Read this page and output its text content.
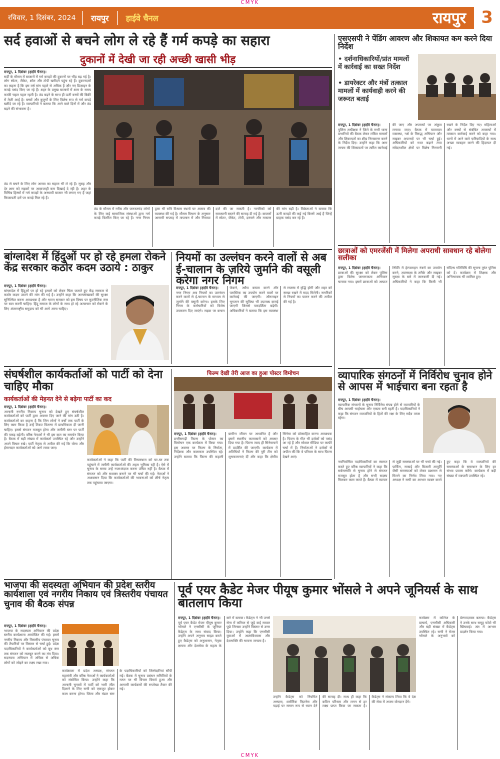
CMYK
रविवार, 1 दिसंबर, 2024	रायपुर	हाईवे चैनल	रायपुर 3
सर्द हवाओं से बचने लोग ले रहे हैं गर्म कपड़े का सहारा
दुकानों में देखी जा रही अच्छी खासी भीड़
रायपुर, 1 दिसंबर (हाईवे चैनल)।
सर्दी के मौसम में बाजारों में गर्म कपड़ों की दुकानों पर भीड़ बढ़ गई है। लोग स्वेटर, जैकेट, शॉल और टोपी खरीदने पहुंच रहे हैं। दुकानदारों का कहना है कि इस वर्ष मांग पहले से अधिक है और नए डिजाइन के कपड़े पसंद किए जा रहे हैं। शहर के प्रमुख बाजारों में शाम के समय काफी चहल पहल रहती है। ठंड बढ़ने के साथ ही ऊनी वस्त्रों की बिक्री में तेजी आई है। बच्चों और बुजुर्गों के लिए विशेष रूप से गर्म कपड़े खरीदे जा रहे हैं। व्यापारियों ने बताया कि आने वाले दिनों में और ठंड बढ़ने की संभावना है।
ठंड के मौसम में गरीब और जरूरतमंद लोगों के लिए कई सामाजिक संस्थाओं द्वारा गर्म कपड़े वितरित किए जा रहे हैं। नगर निगम द्वारा भी रात्रि विश्राम स्थलों पर अलाव की व्यवस्था की गई है। मौसम विभाग के अनुसार आगामी सप्ताह में तापमान में और गिरावट दर्ज की जा सकती है। नागरिकों को सावधानी बरतने की सलाह दी गई है। बाजारों में स्वेटर, जैकेट, टोपी, दस्ताने और मफलर की मांग बढ़ी है। विक्रेताओं ने बताया कि ऊनी कपड़ों की कई नई किस्में आई हैं जिन्हें ग्राहक पसंद कर रहे हैं।
ठंड से बचने के लिए लोग अलाव का सहारा भी ले रहे हैं। सुबह और देर शाम को सड़कों पर आवाजाही कम दिखाई दे रही है। शहर के विभिन्न हिस्सों में गर्म कपड़ों के अस्थायी बाजार भी लगाए गए हैं जहां किफायती दरों पर कपड़े मिल रहे हैं।
बांग्लादेश में हिंदुओं पर हो रहे हमला रोकने केंद्र सरकार कठोर कदम उठाये : ठाकुर
रायपुर, 1 दिसंबर (हाईवे चैनल)।
बांग्लादेश में हिंदुओं पर हो रहे हमलों को लेकर चिंता जताते हुए केंद्र सरकार से कठोर कदम उठाने की मांग की गई है। उन्होंने कहा कि अल्पसंख्यकों की सुरक्षा सुनिश्चित करना आवश्यक है और भारत सरकार को इस विषय पर कूटनीतिक स्तर पर बात करनी चाहिए। हिंदू समाज के लोगों के साथ हो रहे अत्याचार को रोकने के लिए अंतरराष्ट्रीय समुदाय को भी आगे आना चाहिए।
नियमों का उल्लंघन करने वालों से अब ई-चालान के ज़रिये जुर्माने की वसूली करेगा नगर निगम
रायपुर, 1 दिसंबर (हाईवे चैनल)।
नगर निगम अब नियमों का उल्लंघन करने वालों से ई-चालान के माध्यम से जुर्माने की वसूली करेगा। इसके लिए निगम के कर्मचारियों को विशेष उपकरण दिए जाएंगे। सड़क पर कचरा फेंकने, अवैध कब्जा करने और प्लास्टिक का उपयोग करने वालों पर कार्रवाई की जाएगी। ऑनलाइन भुगतान की सुविधा भी उपलब्ध कराई जाएगी जिससे पारदर्शिता बढ़ेगी। अधिकारियों ने बताया कि इस व्यवस्था से राजस्व में वृद्धि होगी और शहर को स्वच्छ रखने में मदद मिलेगी। नागरिकों से नियमों का पालन करने की अपील की गई है।
संघर्षशील कार्यकर्ताओं को पार्टी को देना चाहिए मौका
कार्यकर्ताओं की मेहनत देने से बढ़ेगा पार्टी का कद
रायपुर, 1 दिसंबर (हाईवे चैनल)।
आगामी नगरीय निकाय चुनाव को देखते हुए संघर्षशील कार्यकर्ताओं को पार्टी द्वारा अवसर दिए जाने की मांग उठी है। कार्यकर्ताओं का कहना है कि जिन लोगों ने वर्षों तक पार्टी के लिए काम किया है उन्हें टिकट वितरण में प्राथमिकता दी जानी चाहिए। इससे संगठन मजबूत होगा और जमीनी स्तर पर पार्टी की पकड़ बढ़ेगी। वरिष्ठ नेताओं ने भी इस बात का समर्थन किया है। बैठक में बड़ी संख्या में कार्यकर्ता उपस्थित रहे और उन्होंने अपने विचार रखे। पार्टी नेतृत्व से अपील की गई कि योग्य और ईमानदार कार्यकर्ताओं को आगे लाया जाए।
कार्यकर्ताओं ने कहा कि पार्टी की विचारधारा को घर-घर तक पहुंचाने में जमीनी कार्यकर्ताओं की अहम भूमिका रही है। ऐसे में चुनाव के समय उन्हें नजरअंदाज करना उचित नहीं है। बैठक में संगठन को और सशक्त बनाने पर भी चर्चा की गई। नेताओं ने आश्वासन दिया कि कार्यकर्ताओं की भावनाओं को शीर्ष नेतृत्व तक पहुंचाया जाएगा।
फिल्म देखी तेरी आज का हुआ पोस्टर विमोचन
रायपुर, 1 दिसंबर (हाईवे चैनल)।
छत्तीसगढ़ी फिल्म के पोस्टर का विमोचन एक कार्यक्रम में किया गया। इस अवसर पर फिल्म के निर्माता, निर्देशक और कलाकार उपस्थित रहे। उन्होंने बताया कि फिल्म की कहानी ग्रामीण जीवन पर आधारित है और इसमें स्थानीय कलाकारों को अवसर दिया गया है। फिल्म जल्द ही सिनेमाघरों में प्रदर्शित की जाएगी। कार्यक्रम में अतिथियों ने फिल्म की पूरी टीम को शुभकामनाएं दीं और कहा कि क्षेत्रीय सिनेमा को प्रोत्साहित करना आवश्यक है। फिल्म के गीत भी दर्शकों को पसंद आ रहे हैं और सोशल मीडिया पर काफी चर्चा में हैं। निर्माताओं ने दर्शकों से अपील की कि वे परिवार के साथ फिल्म देखने आएं।
एसएसपी ने पेंडिंग आवरण और शिकायत कम करने दिया निर्देश
• दर्शनाधिकारियों/प्रांत मामलों में कार्रवाई का सख्त निर्देश
• डायरेक्टर और मंत्रों तत्काल मामलों में कार्यवाही करने की जरूरत बताई
रायपुर, 1 दिसंबर (हाईवे चैनल)।
पुलिस अधीक्षक ने जिले के सभी थाना प्रभारियों की बैठक लेकर लंबित मामलों और शिकायतों का शीघ्र निराकरण करने के निर्देश दिए। उन्होंने कहा कि आम जनता की शिकायतों पर त्वरित कार्रवाई की जाए और अपराधों पर अंकुश लगाया जाए। बैठक में यातायात व्यवस्था, नशे के विरुद्ध अभियान और साइबर अपराधों पर भी चर्चा हुई। अधिकारियों को गश्त बढ़ाने तथा संवेदनशील क्षेत्रों पर विशेष निगरानी रखने के निर्देश दिए गए। महिलाओं और बच्चों से संबंधित अपराधों में तत्काल कार्रवाई करने को कहा गया। थानों में आने वाले फरियादियों के साथ अच्छा व्यवहार करने की हिदायत दी गई।
छात्राओं को एमरजेंसी में मिलेगा अपराधी सावधान रहे बोलेगा सलीका
रायपुर, 1 दिसंबर (हाईवे चैनल)।
छात्राओं की सुरक्षा को लेकर पुलिस द्वारा विशेष जागरूकता अभियान चलाया गया। इसमें छात्राओं को आपात स्थिति में हेल्पलाइन नंबरों का उपयोग करने, आत्मरक्षा के तरीके और साइबर सुरक्षा के बारे में जानकारी दी गई। अधिकारियों ने कहा कि किसी भी संदिग्ध गतिविधि की सूचना तुरंत पुलिस को दें। कार्यक्रम में शिक्षक और अभिभावक भी शामिल हुए।
व्यापारिक संगठनों में निर्विरोध चुनाव होने से आपस में भाईचारा बना रहता है
रायपुर, 1 दिसंबर (हाईवे चैनल)।
व्यापारिक संगठनों के चुनाव निर्विरोध संपन्न होने से व्यापारियों के बीच आपसी भाईचारा और एकता बनी रहती है। पदाधिकारियों ने कहा कि संगठन व्यापारियों के हितों की रक्षा के लिए सदैव तत्पर रहेगा।
नवनिर्वाचित पदाधिकारियों का स्वागत करते हुए वरिष्ठ व्यापारियों ने कहा कि सर्वसम्मति से चुनाव होने से संगठन मजबूत होता है और सभी सदस्य मिलकर काम करते हैं। बैठक में व्यापार से जुड़ी समस्याओं पर भी चर्चा की गई। पार्किंग, सफाई और बिजली आपूर्ति जैसी समस्याओं को लेकर प्रशासन से मिलने का निर्णय लिया गया। नए अध्यक्ष ने सभी का आभार व्यक्त करते हुए कहा कि वे व्यापारियों की समस्याओं के समाधान के लिए हर संभव प्रयास करेंगे। कार्यक्रम में बड़ी संख्या में व्यापारी उपस्थित रहे।
भाजपा की सदस्यता अभियान की प्रदेश स्तरीय कार्यशाला एवं नगरीय निकाय एवं त्रिस्तरीय पंचायत चुनाव की बैठक संपन्न
रायपुर, 1 दिसंबर (हाईवे चैनल)।
भाजपा के सदस्यता अभियान की प्रदेश स्तरीय कार्यशाला आयोजित की गई। इसमें नगरीय निकाय और त्रिस्तरीय पंचायत चुनाव की तैयारियों पर विस्तार से चर्चा हुई। प्रदेश पदाधिकारियों ने कार्यकर्ताओं को बूथ स्तर तक संगठन को मजबूत करने का मंत्र दिया। सदस्यता अभियान में अधिक से अधिक लोगों को जोड़ने का लक्ष्य रखा गया।
कार्यशाला में प्रदेश अध्यक्ष, संगठन महामंत्री और वरिष्ठ नेताओं ने कार्यकर्ताओं को संबोधित किया। उन्होंने कहा कि आगामी चुनावों में पार्टी को भारी जीत दिलाने के लिए सभी को एकजुट होकर काम करना होगा। जिला और मंडल स्तर के पदाधिकारियों को जिम्मेदारियां सौंपी गईं। बैठक में चुनाव प्रबंधन समितियों के गठन पर भी विचार विमर्श हुआ और आगामी कार्यक्रमों की रूपरेखा तैयार की गई।
पूर्व एयर कैडेट मेजर पीयूष कुमार भोंसले ने अपने जूनियर्स के साथ बातलाप किया
रायपुर, 1 दिसंबर (हाईवे चैनल)।
पूर्व एयर कैडेट मेजर पीयूष कुमार भोंसले ने एनसीसी के जूनियर कैडेट्स के साथ संवाद किया। उन्होंने अपने अनुभव साझा करते हुए कैडेट्स को अनुशासन, नेतृत्व क्षमता और देशसेवा के महत्व के बारे में बताया। कैडेट्स ने भी उनसे सेना में करियर से जुड़े कई सवाल पूछे जिनका उन्होंने विस्तार से उत्तर दिया। उन्होंने कहा कि एनसीसी युवाओं में आत्मविश्वास और देशभक्ति की भावना जगाता है।
कार्यक्रम में कॉलेज के प्राचार्य, एनसीसी अधिकारी और बड़ी संख्या में कैडेट्स उपस्थित रहे। सभी ने मेजर भोंसले के अनुभवों को प्रेरणादायक बताया। कैडेट्स ने उनके साथ समूह फोटो भी खिंचवाई। अंत में आभार प्रदर्शन किया गया।
उन्होंने कैडेट्स को नियमित अभ्यास, शारीरिक फिटनेस और पढ़ाई पर समान रूप से ध्यान देने की सलाह दी। साथ ही कहा कि कठिन परिश्रम और लगन से हर लक्ष्य प्राप्त किया जा सकता है। कैडेट्स ने संकल्प लिया कि वे देश की सेवा में अपना योगदान देंगे।
CMYK
